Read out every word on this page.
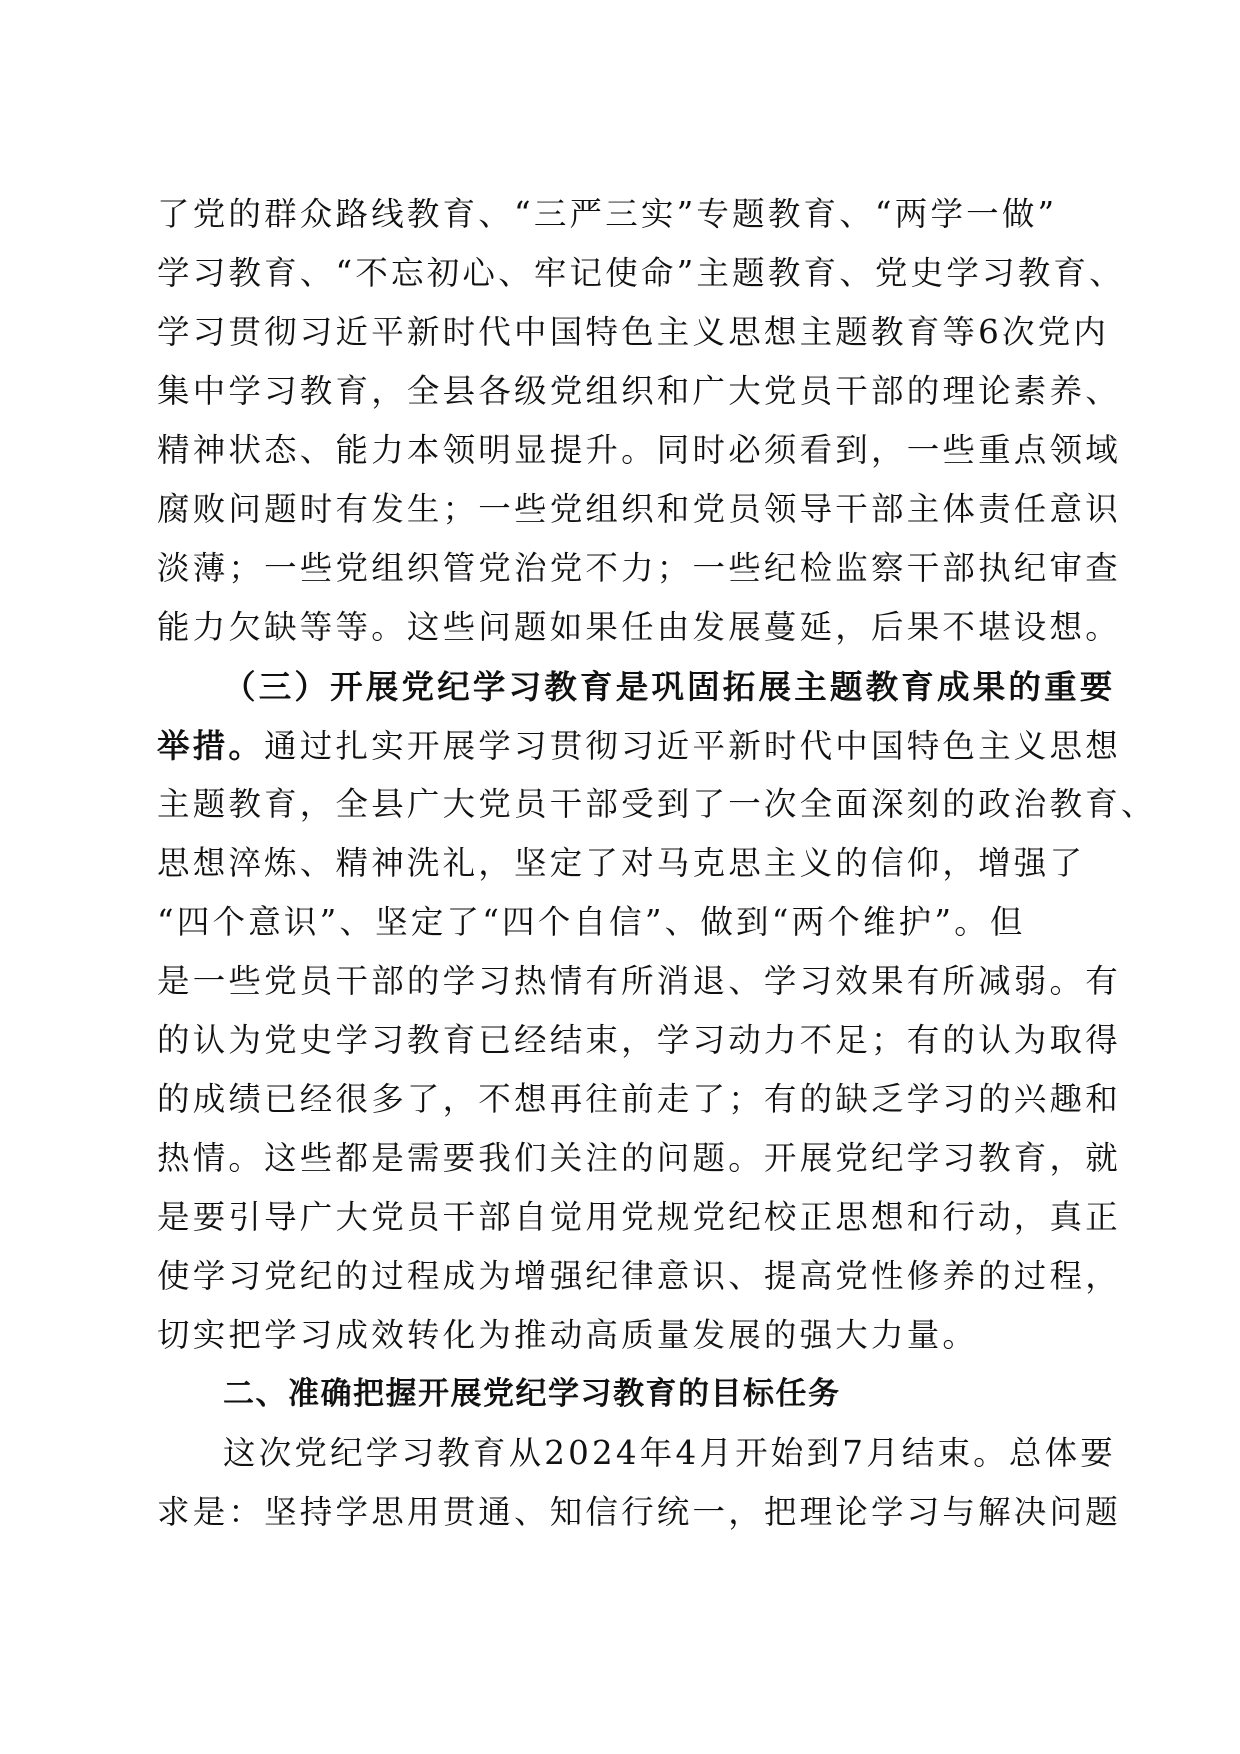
了党的群众路线教育、“三严三实”专题教育、“两学一做”
学习教育、“不忘初心、牢记使命”主题教育、党史学习教育、
学习贯彻习近平新时代中国特色主义思想主题教育等6次党内
集中学习教育，全县各级党组织和广大党员干部的理论素养、
精神状态、能力本领明显提升。同时必须看到，一些重点领域
腐败问题时有发生；一些党组织和党员领导干部主体责任意识
淡薄；一些党组织管党治党不力；一些纪检监察干部执纪审查
能力欠缺等等。这些问题如果任由发展蔓延，后果不堪设想。
（三）开展党纪学习教育是巩固拓展主题教育成果的重要
举措。通过扎实开展学习贯彻习近平新时代中国特色主义思想
主题教育，全县广大党员干部受到了一次全面深刻的政治教育、
思想淬炼、精神洗礼，坚定了对马克思主义的信仰，增强了
“四个意识”、坚定了“四个自信”、做到“两个维护”。但
是一些党员干部的学习热情有所消退、学习效果有所减弱。有
的认为党史学习教育已经结束，学习动力不足；有的认为取得
的成绩已经很多了，不想再往前走了；有的缺乏学习的兴趣和
热情。这些都是需要我们关注的问题。开展党纪学习教育，就
是要引导广大党员干部自觉用党规党纪校正思想和行动，真正
使学习党纪的过程成为增强纪律意识、提高党性修养的过程，
切实把学习成效转化为推动高质量发展的强大力量。
二、准确把握开展党纪学习教育的目标任务
这次党纪学习教育从2024年4月开始到7月结束。总体要
求是：坚持学思用贯通、知信行统一，把理论学习与解决问题
